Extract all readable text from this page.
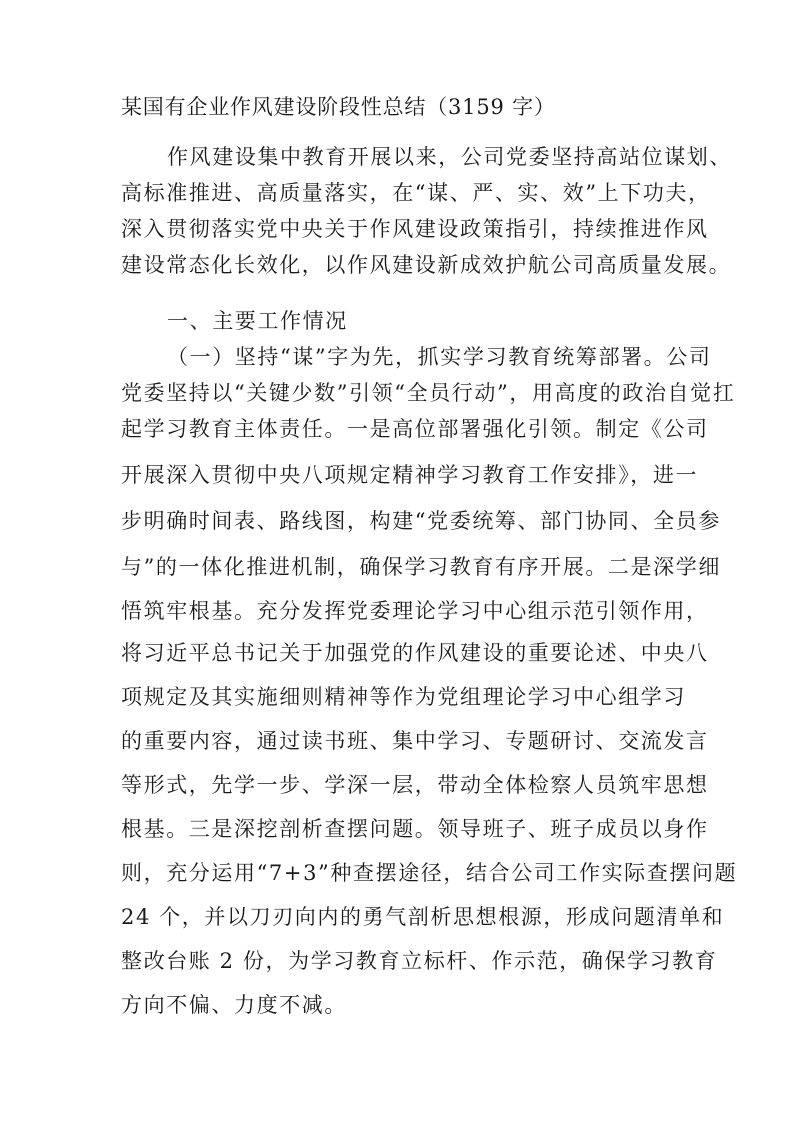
某国有企业作风建设阶段性总结（3159 字）
作风建设集中教育开展以来，公司党委坚持高站位谋划、
高标准推进、高质量落实，在“谋、严、实、效”上下功夫，
深入贯彻落实党中央关于作风建设政策指引，持续推进作风
建设常态化长效化，以作风建设新成效护航公司高质量发展。
一、主要工作情况
（一）坚持“谋”字为先，抓实学习教育统筹部署。公司
党委坚持以“关键少数”引领“全员行动”，用高度的政治自觉扛
起学习教育主体责任。一是高位部署强化引领。制定《公司
开展深入贯彻中央八项规定精神学习教育工作安排》，进一
步明确时间表、路线图，构建“党委统筹、部门协同、全员参
与”的一体化推进机制，确保学习教育有序开展。二是深学细
悟筑牢根基。充分发挥党委理论学习中心组示范引领作用，
将习近平总书记关于加强党的作风建设的重要论述、中央八
项规定及其实施细则精神等作为党组理论学习中心组学习
的重要内容，通过读书班、集中学习、专题研讨、交流发言
等形式，先学一步、学深一层，带动全体检察人员筑牢思想
根基。三是深挖剖析查摆问题。领导班子、班子成员以身作
则，充分运用“7+3”种查摆途径，结合公司工作实际查摆问题
24 个，并以刀刃向内的勇气剖析思想根源，形成问题清单和
整改台账 2 份，为学习教育立标杆、作示范，确保学习教育
方向不偏、力度不减。
